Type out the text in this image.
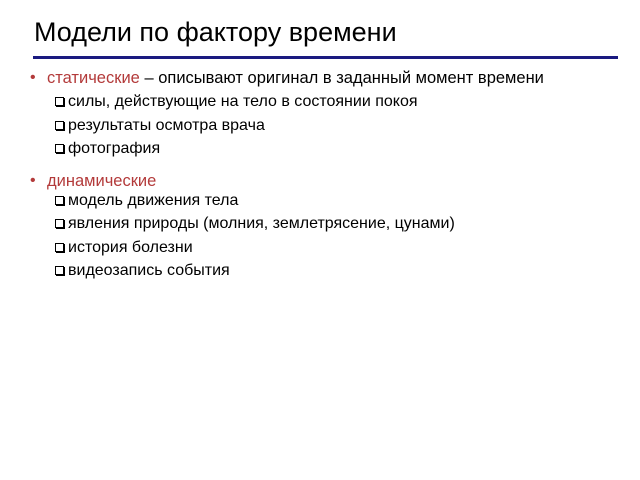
Модели по фактору времени
• статические – описывают оригинал в заданный момент времени
силы, действующие на тело в состоянии покоя
результаты осмотра врача
фотография
• динамические
модель движения тела
явления природы (молния, землетрясение, цунами)
история болезни
видеозапись события
